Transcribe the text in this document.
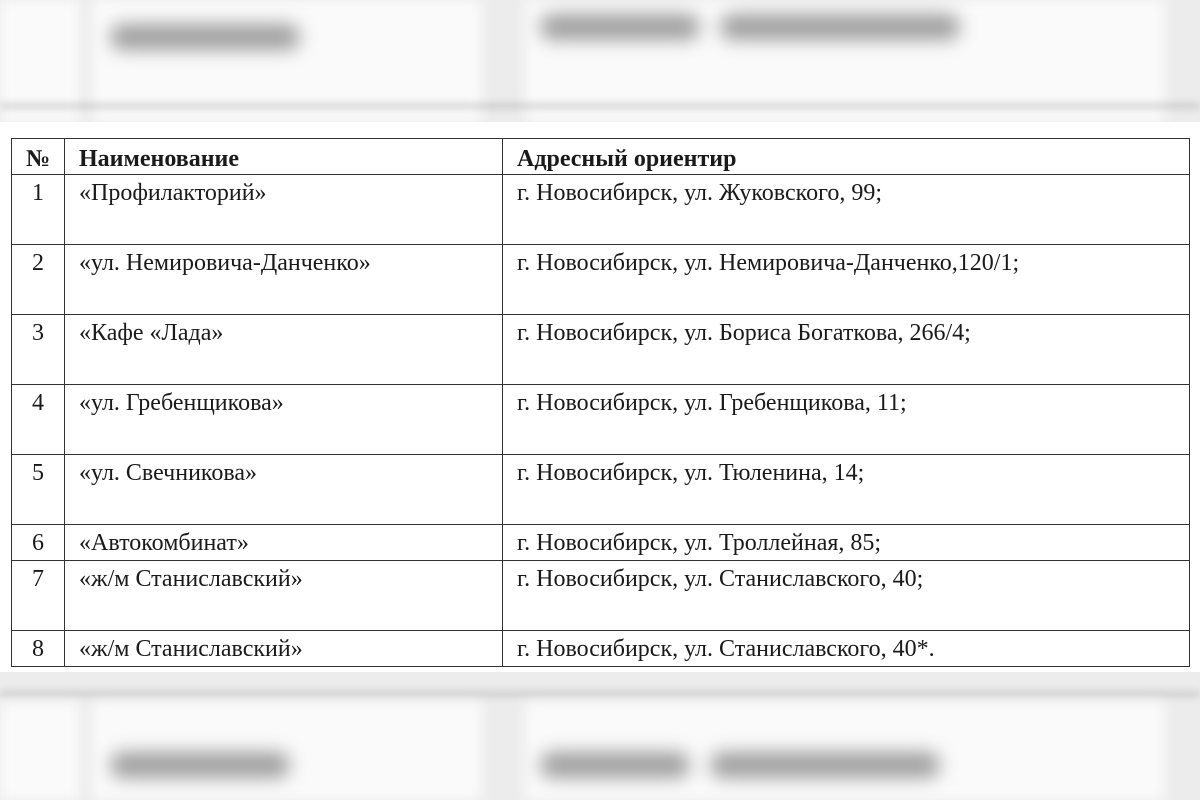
№	Наименование	Адресный ориентир
1	«Профилакторий»	г. Новосибирск, ул. Жуковского, 99;
2	«ул. Немировича-Данченко»	г. Новосибирск, ул. Немировича-Данченко,120/1;
3	«Кафе «Лада»	г. Новосибирск, ул. Бориса Богаткова, 266/4;
4	«ул. Гребенщикова»	г. Новосибирск, ул. Гребенщикова, 11;
5	«ул. Свечникова»	г. Новосибирск, ул. Тюленина, 14;
6	«Автокомбинат»	г. Новосибирск, ул. Троллейная, 85;
7	«ж/м Станиславский»	г. Новосибирск, ул. Станиславского, 40;
8	«ж/м Станиславский»	г. Новосибирск, ул. Станиславского, 40*.
